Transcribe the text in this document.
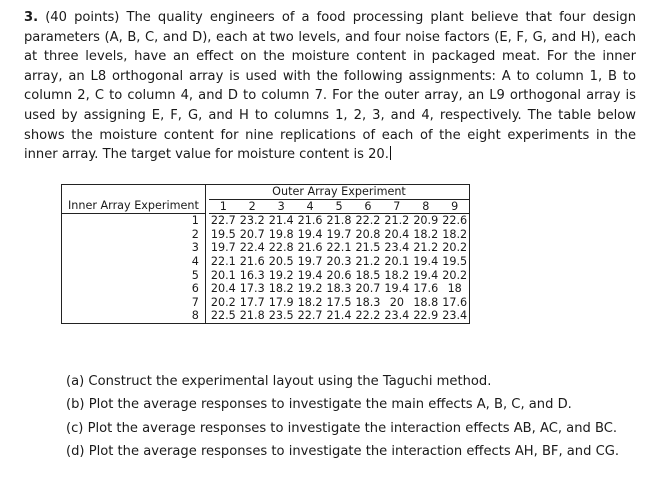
3. (40 points) The quality engineers of a food processing plant believe that four design parameters (A, B, C, and D), each at two levels, and four noise factors (E, F, G, and H), each at three levels, have an effect on the moisture content in packaged meat. For the inner array, an L8 orthogonal array is used with the following assignments: A to column 1, B to column 2, C to column 4, and D to column 7. For the outer array, an L9 orthogonal array is used by assigning E, F, G, and H to columns 1, 2, 3, and 4, respectively. The table below shows the moisture content for nine replications of each of the eight experiments in the inner array. The target value for moisture content is 20.
		Outer Array Experiment								
Inner Array Experiment		1	2	3	4	5	6	7	8	9
1		22.7	23.2	21.4	21.6	21.8	22.2	21.2	20.9	22.6
2		19.5	20.7	19.8	19.4	19.7	20.8	20.4	18.2	18.2
3		19.7	22.4	22.8	21.6	22.1	21.5	23.4	21.2	20.2
4		22.1	21.6	20.5	19.7	20.3	21.2	20.1	19.4	19.5
5		20.1	16.3	19.2	19.4	20.6	18.5	18.2	19.4	20.2
6		20.4	17.3	18.2	19.2	18.3	20.7	19.4	17.6	18
7		20.2	17.7	17.9	18.2	17.5	18.3	20	18.8	17.6
8		22.5	21.8	23.5	22.7	21.4	22.2	23.4	22.9	23.4
(a) Construct the experimental layout using the Taguchi method.
(b) Plot the average responses to investigate the main effects A, B, C, and D.
(c) Plot the average responses to investigate the interaction effects AB, AC, and BC.
(d) Plot the average responses to investigate the interaction effects AH, BF, and CG.
